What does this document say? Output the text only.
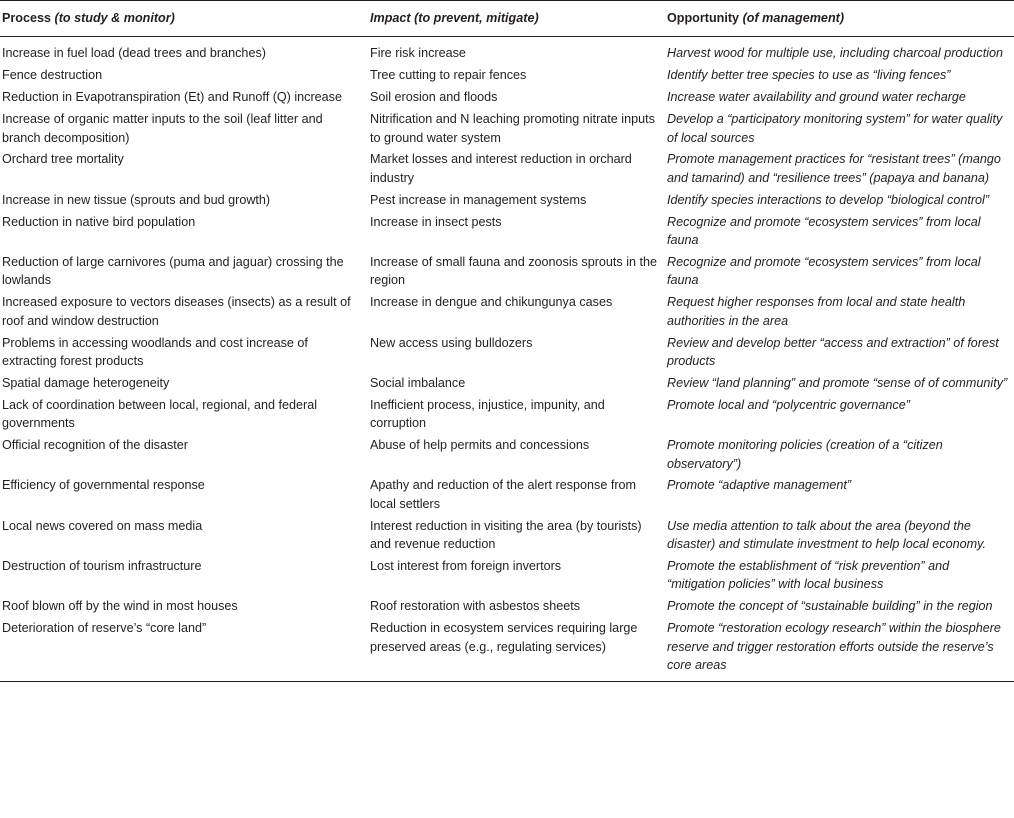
Process (to study & monitor)	Impact (to prevent, mitigate)	Opportunity (of management)
Increase in fuel load (dead trees and branches)	Fire risk increase	Harvest wood for multiple use, including charcoal production
Fence destruction	Tree cutting to repair fences	Identify better tree species to use as “living fences”
Reduction in Evapotranspiration (Et) and Runoff (Q) increase	Soil erosion and floods	Increase water availability and ground water recharge
Increase of organic matter inputs to the soil (leaf litter and branch decomposition)	Nitrification and N leaching promoting nitrate inputs to ground water system	Develop a “participatory monitoring system” for water quality of local sources
Orchard tree mortality	Market losses and interest reduction in orchard industry	Promote management practices for “resistant trees” (mango and tamarind) and “resilience trees” (papaya and banana)
Increase in new tissue (sprouts and bud growth)	Pest increase in management systems	Identify species interactions to develop “biological control”
Reduction in native bird population	Increase in insect pests	Recognize and promote “ecosystem services” from local fauna
Reduction of large carnivores (puma and jaguar) crossing the lowlands	Increase of small fauna and zoonosis sprouts in the region	Recognize and promote “ecosystem services” from local fauna
Increased exposure to vectors diseases (insects) as a result of roof and window destruction	Increase in dengue and chikungunya cases	Request higher responses from local and state health authorities in the area
Problems in accessing woodlands and cost increase of extracting forest products	New access using bulldozers	Review and develop better “access and extraction” of forest products
Spatial damage heterogeneity	Social imbalance	Review “land planning” and promote “sense of of community”
Lack of coordination between local, regional, and federal governments	Inefficient process, injustice, impunity, and corruption	Promote local and “polycentric governance”
Official recognition of the disaster	Abuse of help permits and concessions	Promote monitoring policies (creation of a “citizen observatory”)
Efficiency of governmental response	Apathy and reduction of the alert response from local settlers	Promote “adaptive management”
Local news covered on mass media	Interest reduction in visiting the area (by tourists) and revenue reduction	Use media attention to talk about the area (beyond the disaster) and stimulate investment to help local economy.
Destruction of tourism infrastructure	Lost interest from foreign invertors	Promote the establishment of “risk prevention” and “mitigation policies” with local business
Roof blown off by the wind in most houses	Roof restoration with asbestos sheets	Promote the concept of “sustainable building” in the region
Deterioration of reserve’s “core land”	Reduction in ecosystem services requiring large preserved areas (e.g., regulating services)	Promote “restoration ecology research” within the biosphere reserve and trigger restoration efforts outside the reserve’s core areas
